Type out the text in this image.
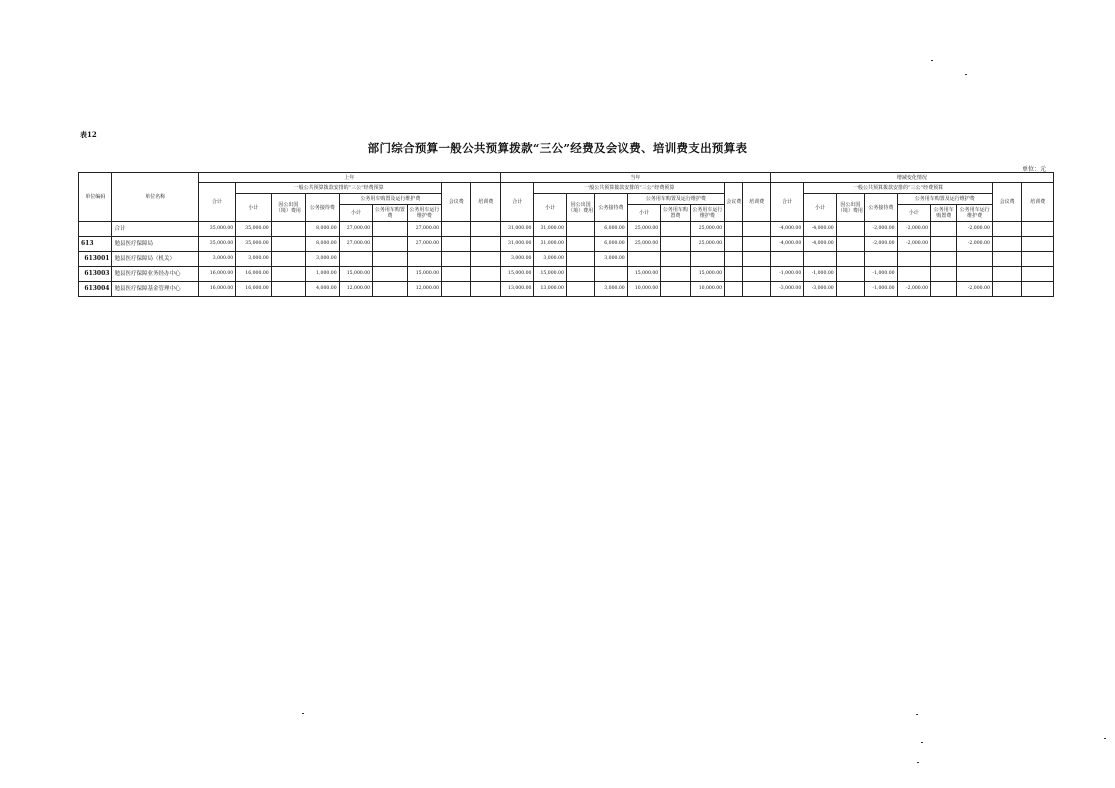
表12
部门综合预算一般公共预算拨款“三公”经费及会议费、培训费支出预算表
单位：元
单位编码	单位名称	上年									当年									增减变化情况								
		合计	一般公共预算拨款安排的“三公”经费预算						会议费	培训费	合计	一般公共预算拨款安排的“三公”经费预算						会议费	培训费	合计	一般公共预算拨款安排的“三公”经费预算						会议费	培训费
			小计	因公出国（境）费用	公务接待费	公务用车购置及运行维护费						小计	因公出国（境）费用	公务接待费	公务用车购置及运行维护费						小计	因公出国（境）费用	公务接待费	公务用车购置及运行维护费				
						小计	公务用车购置费	公务用车运行维护费							小计	公务用车购置费	公务用车运行维护费							小计	公务用车购置费	公务用车运行维护费		
	合计	35,000.00	35,000.00		8,000.00	27,000.00		27,000.00			31,000.00	31,000.00		6,000.00	25,000.00		25,000.00			-4,000.00	-4,000.00		-2,000.00	-2,000.00		-2,000.00		
613	勉县医疗保障局	35,000.00	35,000.00		8,000.00	27,000.00		27,000.00			31,000.00	31,000.00		6,000.00	25,000.00		25,000.00			-4,000.00	-4,000.00		-2,000.00	-2,000.00		-2,000.00		
613001	勉县医疗保障局（机关）	3,000.00	3,000.00		3,000.00						3,000.00	3,000.00		3,000.00														
613003	勉县医疗保障业务经办中心	16,000.00	16,000.00		1,000.00	15,000.00		15,000.00			15,000.00	15,000.00			15,000.00		15,000.00			-1,000.00	-1,000.00		-1,000.00					
613004	勉县医疗保障基金管理中心	16,000.00	16,000.00		4,000.00	12,000.00		12,000.00			13,000.00	13,000.00		3,000.00	10,000.00		10,000.00			-3,000.00	-3,000.00		-1,000.00	-2,000.00		-2,000.00		
